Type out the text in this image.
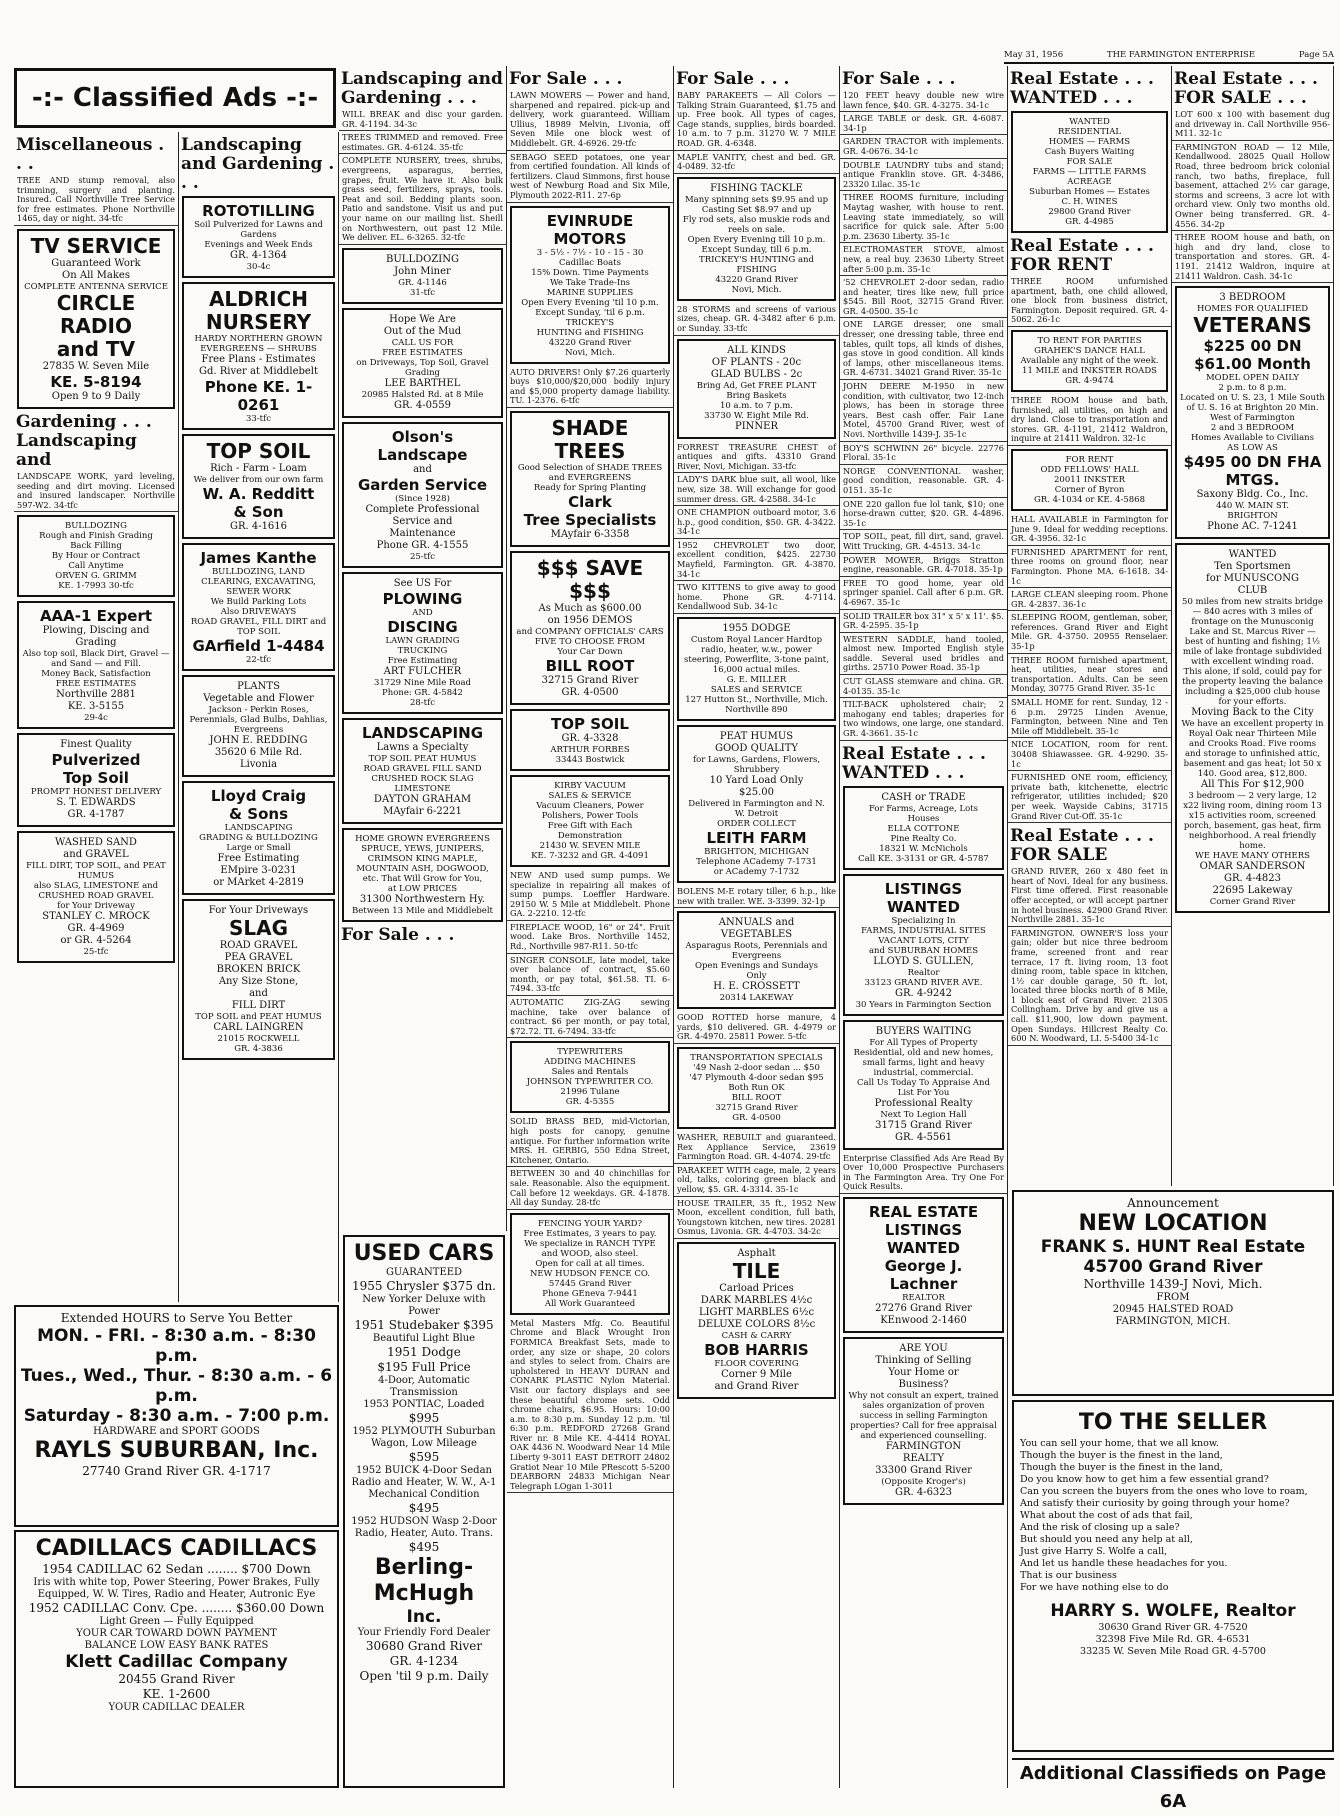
May 31, 1956	THE FARMINGTON ENTERPRISE	Page 5A
-:- Classified Ads -:-
Miscellaneous . . .
TREE AND stump removal, also trimming, surgery and planting. Insured. Call Northville Tree Service for free estimates. Phone Northville 1465, day or night. 34-tfc
TV SERVICE
Guaranteed Work
On All Makes
COMPLETE ANTENNA SERVICE
CIRCLE RADIO
and TV
27835 W. Seven Mile
KE. 5-8194
Open 9 to 9 Daily
Gardening . . . Landscaping and
LANDSCAPE WORK, yard leveling, seeding and dirt moving. Licensed and insured landscaper. Northville 597-W2. 34-tfc
BULLDOZING
Rough and Finish Grading
Back Filling
By Hour or Contract
Call Anytime
ORVEN G. GRIMM
KE. 1-7993 30-tfc
AAA-1 Expert
Plowing, Discing and
Grading
Also top soil, Black Dirt, Gravel — and Sand — and Fill.
Money Back, Satisfaction
FREE ESTIMATES
Northville 2881
KE. 3-5155
29-4c
Finest Quality
Pulverized
Top Soil
PROMPT HONEST DELIVERY
S. T. EDWARDS
GR. 4-1787
WASHED SAND
and GRAVEL
FILL DIRT, TOP SOIL, and PEAT HUMUS
also SLAG, LIMESTONE and CRUSHED ROAD GRAVEL
for Your Driveway
STANLEY C. MROCK
GR. 4-4969
or GR. 4-5264
25-tfc
Landscaping and Gardening . . .
ROTOTILLING
Soil Pulverized for Lawns and Gardens
Evenings and Week Ends
GR. 4-1364
30-4c
ALDRICH
NURSERY
HARDY NORTHERN GROWN
EVERGREENS — SHRUBS
Free Plans - Estimates
Gd. River at Middlebelt
Phone KE. 1-0261
33-tfc
TOP SOIL
Rich - Farm - Loam
We deliver from our own farm
W. A. Redditt
& Son
GR. 4-1616
James Kanthe
BULLDOZING, LAND CLEARING, EXCAVATING, SEWER WORK
We Build Parking Lots
Also DRIVEWAYS
ROAD GRAVEL, FILL DIRT and TOP SOIL
GArfield 1-4484
22-tfc
PLANTS
Vegetable and Flower
Jackson - Perkin Roses, Perennials, Glad Bulbs, Dahlias, Evergreens
JOHN E. REDDING
35620 6 Mile Rd.
Livonia
Lloyd Craig
& Sons
LANDSCAPING
GRADING & BULLDOZING
Large or Small
Free Estimating
EMpire 3-0231
or MArket 4-2819
For Your Driveways
SLAG
ROAD GRAVEL
PEA GRAVEL
BROKEN BRICK
Any Size Stone,
and
FILL DIRT
TOP SOIL and PEAT HUMUS
CARL LAINGREN
21015 ROCKWELL
GR. 4-3836
Landscaping and Gardening . . .
WILL BREAK and disc your garden. GR. 4-1194. 34-3c
TREES TRIMMED and removed. Free estimates. GR. 4-6124. 35-tfc
COMPLETE NURSERY, trees, shrubs, evergreens, asparagus, berries, grapes, fruit. We have it. Also bulk grass seed, fertilizers, sprays, tools. Peat and soil. Bedding plants soon. Patio and sandstone. Visit us and put your name on our mailing list. Sheill on Northwestern, out past 12 Mile. We deliver. EL. 6-3265. 32-tfc
BULLDOZING
John Miner
GR. 4-1146
31-tfc
Hope We Are
Out of the Mud
CALL US FOR
FREE ESTIMATES
on Driveways, Top Soil, Gravel Grading
LEE BARTHEL
20985 Halsted Rd. at 8 Mile
GR. 4-0559
Olson's
Landscape
and
Garden Service
(Since 1928)
Complete Professional
Service and
Maintenance
Phone GR. 4-1555
25-tfc
See US For
PLOWING
AND
DISCING
LAWN GRADING
TRUCKING
Free Estimating
ART FULCHER
31729 Nine Mile Road
Phone: GR. 4-5842
28-tfc
LANDSCAPING
Lawns a Specialty
TOP SOIL PEAT HUMUS
ROAD GRAVEL FILL SAND
CRUSHED ROCK SLAG
LIMESTONE
DAYTON GRAHAM
MAyfair 6-2221
HOME GROWN EVERGREENS
SPRUCE, YEWS, JUNIPERS,
CRIMSON KING MAPLE,
MOUNTAIN ASH, DOGWOOD,
etc. That Will Grow for You,
at LOW PRICES
31300 Northwestern Hy.
Between 13 Mile and Middlebelt
For Sale . . .
For Sale . . .
LAWN MOWERS — Power and hand, sharpened and repaired. pick-up and delivery, work guaranteed. William Ullius, 18989 Melvin, Livonia, off Seven Mile one block west of Middlebelt. GR. 4-6926. 29-tfc
SEBAGO SEED potatoes, one year from certified foundation. All kinds of fertilizers. Claud Simmons, first house west of Newburg Road and Six Mile, Plymouth 2022-R11. 27-6p
EVINRUDE MOTORS
3 - 5½ - 7½ - 10 - 15 - 30
Cadillac Boats
15% Down. Time Payments
We Take Trade-Ins
MARINE SUPPLIES
Open Every Evening 'til 10 p.m.
Except Sunday, 'til 6 p.m.
TRICKEY'S
HUNTING and FISHING
43220 Grand River
Novi, Mich.
AUTO DRIVERS! Only $7.26 quarterly buys $10,000/$20,000 bodily injury and $5,000 property damage liability. TU. 1-2376. 6-tfc
SHADE TREES
Good Selection of SHADE TREES and EVERGREENS
Ready for Spring Planting
Clark
Tree Specialists
MAyfair 6-3358
$$$ SAVE $$$
As Much as $600.00
on 1956 DEMOS
and COMPANY OFFICIALS' CARS
FIVE TO CHOOSE FROM
Your Car Down
BILL ROOT
32715 Grand River
GR. 4-0500
TOP SOIL
GR. 4-3328
ARTHUR FORBES
33443 Bostwick
KIRBY VACUUM
SALES & SERVICE
Vacuum Cleaners, Power Polishers, Power Tools
Free Gift with Each Demonstration
21430 W. SEVEN MILE
KE. 7-3232 and GR. 4-4091
NEW AND used sump pumps. We specialize in repairing all makes of sump pumps. Loeffler Hardware. 29150 W. 5 Mile at Middlebelt. Phone GA. 2-2210. 12-tfc
FIREPLACE WOOD, 16" or 24". Fruit wood. Lake Bros. Northville 1452, Rd., Northville 987-R11. 50-tfc
SINGER CONSOLE, late model, take over balance of contract, $5.60 month, or pay total, $61.58. TI. 6-7494. 33-tfc
AUTOMATIC ZIG-ZAG sewing machine, take over balance of contract. $6 per month, or pay total, $72.72. TI. 6-7494. 33-tfc
TYPEWRITERS
ADDING MACHINES
Sales and Rentals
JOHNSON TYPEWRITER CO.
21996 Tulane
GR. 4-5355
SOLID BRASS BED, mid-Victorian, high posts for canopy, genuine antique. For further information write MRS. H. GERBIG, 550 Edna Street, Kitchener, Ontario.
BETWEEN 30 and 40 chinchillas for sale. Reasonable. Also the equipment. Call before 12 weekdays. GR. 4-1878. All day Sunday. 28-tfc
FENCING YOUR YARD?
Free Estimates, 3 years to pay.
We specialize in RANCH TYPE and WOOD, also steel.
Open for call at all times.
NEW HUDSON FENCE CO.
57445 Grand River
Phone GEneva 7-9441
All Work Guaranteed
Metal Masters Mfg. Co. Beautiful Chrome and Black Wrought Iron FORMICA Breakfast Sets, made to order, any size or shape, 20 colors and styles to select from. Chairs are upholstered in HEAVY DURAN and CONARK PLASTIC Nylon Material. Visit our factory displays and see these beautiful chrome sets. Odd chrome chairs, $6.95. Hours: 10:00 a.m. to 8:30 p.m. Sunday 12 p.m. 'til 6:30 p.m. REDFORD 27268 Grand River nr. 8 Mile KE. 4-4414 ROYAL OAK 4436 N. Woodward Near 14 Mile Liberty 9-3011 EAST DETROIT 24802 Gratiot Near 10 Mile PRescott 5-5200 DEARBORN 24833 Michigan Near Telegraph LOgan 1-3011
For Sale . . .
BABY PARAKEETS — All Colors — Talking Strain Guaranteed, $1.75 and up. Free book. All types of cages, Cage stands, supplies, birds boarded. 10 a.m. to 7 p.m. 31270 W. 7 MILE ROAD. GR. 4-6348.
MAPLE VANITY, chest and bed. GR. 4-0489. 32-tfc
FISHING TACKLE
Many spinning sets $9.95 and up
Casting Set $8.97 and up
Fly rod sets, also muskie rods and reels on sale.
Open Every Evening till 10 p.m.
Except Sunday, till 6 p.m.
TRICKEY'S HUNTING and FISHING
43220 Grand River
Novi, Mich.
28 STORMS and screens of various sizes, cheap. GR. 4-3482 after 6 p.m. or Sunday. 33-tfc
ALL KINDS
OF PLANTS - 20c
GLAD BULBS - 2c
Bring Ad, Get FREE PLANT
Bring Baskets
10 a.m. to 7 p.m.
33730 W. Eight Mile Rd.
PINNER
FORREST TREASURE CHEST of antiques and gifts. 43310 Grand River, Novi, Michigan. 33-tfc
LADY'S DARK blue suit, all wool, like new, size 38. Will exchange for good summer dress. GR. 4-2588. 34-1c
ONE CHAMPION outboard motor, 3.6 h.p., good condition, $50. GR. 4-3422. 34-1c
1952 CHEVROLET two door, excellent condition, $425. 22730 Mayfield, Farmington. GR. 4-3870. 34-1c
TWO KITTENS to give away to good home. Phone GR. 4-7114. Kendallwood Sub. 34-1c
1955 DODGE
Custom Royal Lancer Hardtop radio, heater, w.w., power steering, Powerflite, 3-tone paint, 16,000 actual miles.
G. E. MILLER
SALES and SERVICE
127 Hutton St., Northville, Mich.
Northville 890
PEAT HUMUS
GOOD QUALITY
for Lawns, Gardens, Flowers, Shrubbery
10 Yard Load Only
$25.00
Delivered in Farmington and N. W. Detroit
ORDER COLLECT
LEITH FARM
BRIGHTON, MICHIGAN
Telephone ACademy 7-1731
or ACademy 7-1732
BOLENS M-E rotary tiller, 6 h.p., like new with trailer. WE. 3-3399. 32-1p
ANNUALS and
VEGETABLES
Asparagus Roots, Perennials and Evergreens
Open Evenings and Sundays
Only
H. E. CROSSETT
20314 LAKEWAY
GOOD ROTTED horse manure, 4 yards, $10 delivered. GR. 4-4979 or GR. 4-4970. 25811 Power. 5-tfc
TRANSPORTATION SPECIALS
'49 Nash 2-door sedan ... $50
'47 Plymouth 4-door sedan $95
Both Run OK
BILL ROOT
32715 Grand River
GR. 4-0500
WASHER, REBUILT and guaranteed. Rex Appliance Service, 23619 Farmington Road. GR. 4-4074. 29-tfc
PARAKEET WITH cage, male, 2 years old, talks, coloring green black and yellow, $5. GR. 4-3314. 35-1c
HOUSE TRAILER, 35 ft., 1952 New Moon, excellent condition, full bath, Youngstown kitchen, new tires. 20281 Osmus, Livonia. GR. 4-4703. 34-2c
Asphalt
TILE
Carload Prices
DARK MARBLES 4½c
LIGHT MARBLES 6½c
DELUXE COLORS 8½c
CASH & CARRY
BOB HARRIS
FLOOR COVERING
Corner 9 Mile
and Grand River
For Sale . . .
120 FEET heavy double new wire lawn fence, $40. GR. 4-3275. 34-1c
LARGE TABLE or desk. GR. 4-6087. 34-1p
GARDEN TRACTOR with implements. GR. 4-0676. 34-1c
DOUBLE LAUNDRY tubs and stand; antique Franklin stove. GR. 4-3486, 23320 Lilac. 35-1c
THREE ROOMS furniture, including Maytag washer, with house to rent. Leaving state immediately, so will sacrifice for quick sale. After 5:00 p.m. 23630 Liberty. 35-1c
ELECTROMASTER STOVE, almost new, a real buy. 23630 Liberty Street after 5:00 p.m. 35-1c
'52 CHEVROLET 2-door sedan, radio and heater, tires like new, full price $545. Bill Root, 32715 Grand River. GR. 4-0500. 35-1c
ONE LARGE dresser, one small dresser, one dressing table, three end tables, quilt tops, all kinds of dishes, gas stove in good condition. All kinds of lamps, other miscellaneous items. GR. 4-6731. 34021 Grand River. 35-1c
JOHN DEERE M-1950 in new condition, with cultivator, two 12-inch plows, has been in storage three years. Best cash offer. Fair Lane Motel, 45700 Grand River, west of Novi. Northville 1439-J. 35-1c
BOY'S SCHWINN 26" bicycle. 22776 Floral. 35-1c
NORGE CONVENTIONAL washer, good condition, reasonable. GR. 4-0151. 35-1c
ONE 220 gallon fue lol tank, $10; one horse-drawn cutter, $20. GR. 4-4896. 35-1c
TOP SOIL, peat, fill dirt, sand, gravel. Witt Trucking, GR. 4-4513. 34-1c
POWER MOWER, Briggs Stratton engine, reasonable. GR. 4-7018. 35-1p
FREE TO good home, year old springer spaniel. Call after 6 p.m. GR. 4-6967. 35-1c
SOLID TRAILER box 31" x 5' x 11'. $5. GR. 4-2595. 35-1p
WESTERN SADDLE, hand tooled, almost new. Imported English style saddle. Several used bridles and girths. 25710 Power Road. 35-1p
CUT GLASS stemware and china. GR. 4-0135. 35-1c
TILT-BACK upholstered chair; 2 mahogany end tables; draperies for two windows, one large, one standard. GR. 4-3661. 35-1c
Real Estate . . . WANTED . . .
CASH or TRADE
For Farms, Acreage, Lots
Houses
ELLA COTTONE
Pine Realty Co.
18321 W. McNichols
Call KE. 3-3131 or GR. 4-5787
LISTINGS
WANTED
Specializing In
FARMS, INDUSTRIAL SITES
VACANT LOTS, CITY
and SUBURBAN HOMES
LLOYD S. GULLEN,
Realtor
33123 GRAND RIVER AVE.
GR. 4-9242
30 Years in Farmington Section
BUYERS WAITING
For All Types of Property
Residential, old and new homes, small farms, light and heavy industrial, commercial.
Call Us Today To Appraise And List For You
Professional Realty
Next To Legion Hall
31715 Grand River
GR. 4-5561
Enterprise Classified Ads Are Read By Over 10,000 Prospective Purchasers in The Farmington Area. Try One For Quick Results.
REAL ESTATE
LISTINGS
WANTED
George J.
Lachner
REALTOR
27276 Grand River
KEnwood 2-1460
ARE YOU
Thinking of Selling
Your Home or
Business?
Why not consult an expert, trained sales organization of proven success in selling Farmington properties? Call for free appraisal and experienced counselling.
FARMINGTON
REALTY
33300 Grand River
(Opposite Kroger's)
GR. 4-6323
Real Estate . . . WANTED . . .
WANTED
RESIDENTIAL
HOMES — FARMS
Cash Buyers Waiting
FOR SALE
FARMS — LITTLE FARMS
ACREAGE
Suburban Homes — Estates
C. H. WINES
29800 Grand River
GR. 4-4985
Real Estate . . . FOR RENT
THREE ROOM unfurnished apartment, bath, one child allowed, one block from business district, Farmington. Deposit required. GR. 4-5062. 26-1c
TO RENT FOR PARTIES
GRAHEK'S DANCE HALL
Available any night of the week.
11 MILE and INKSTER ROADS
GR. 4-9474
THREE ROOM house and bath, furnished, all utilities, on high and dry land. Close to transportation and stores. GR. 4-1191, 21412 Waldron, inquire at 21411 Waldron. 32-1c
FOR RENT
ODD FELLOWS' HALL
20011 INKSTER
Corner of Byron
GR. 4-1034 or KE. 4-5868
HALL AVAILABLE in Farmington for June 9. Ideal for wedding receptions. GR. 4-3956. 32-1c
FURNISHED APARTMENT for rent, three rooms on ground floor, near Farmington. Phone MA. 6-1618. 34-1c
LARGE CLEAN sleeping room. Phone GR. 4-2837. 36-1c
SLEEPING ROOM, gentleman, sober, references. Grand River and Eight Mile. GR. 4-3750. 20955 Renselaer. 35-1p
THREE ROOM furnished apartment, heat, utilities, near stores and transportation. Adults. Can be seen Monday, 30775 Grand River. 35-1c
SMALL HOME for rent. Sunday, 12 - 6 p.m. 29725 Linden Avenue, Farmington, between Nine and Ten Mile off Middlebelt. 35-1c
NICE LOCATION, room for rent. 30408 Shiawassee. GR. 4-9290. 35-1c
FURNISHED ONE room, efficiency, private bath, kitchenette, electric refrigerator, utilities included; $20 per week. Wayside Cabins, 31715 Grand River Cut-Off. 35-1c
Real Estate . . . FOR SALE
GRAND RIVER, 260 x 480 feet in heart of Novi. Ideal for any business. First time offered. First reasonable offer accepted, or will accept partner in hotel business. 42900 Grand River. Northville 2881. 35-1c
FARMINGTON. OWNER'S loss your gain; older but nice three bedroom frame, screened front and rear terrace, 17 ft. living room, 13 foot dining room, table space in kitchen, 1½ car double garage, 50 ft. lot, located three blocks north of 8 Mile, 1 block east of Grand River. 21305 Collingham. Drive by and give us a call. $11,900, low down payment. Open Sundays. Hillcrest Realty Co. 600 N. Woodward, LI. 5-5400 34-1c
Real Estate . . . FOR SALE . . .
LOT 600 x 100 with basement dug and driveway in. Call Northville 956-M11. 32-1c
FARMINGTON ROAD — 12 Mile, Kendallwood. 28025 Quail Hollow Road, three bedroom brick colonial ranch, two baths, fireplace, full basement, attached 2½ car garage, storms and screens, 3 acre lot with orchard view. Only two months old. Owner being transferred. GR. 4-4556. 34-2p
THREE ROOM house and bath, on high and dry land, close to transportation and stores. GR. 4-1191. 21412 Waldron, inquire at 21411 Waldron. Cash. 34-1c
3 BEDROOM
HOMES FOR QUALIFIED
VETERANS
$225 00 DN $61.00 Month
MODEL OPEN DAILY
2 p.m. to 8 p.m.
Located on U. S. 23, 1 Mile South of U. S. 16 at Brighton 20 Min. West of Farmington
2 and 3 BEDROOM
Homes Available to Civilians
AS LOW AS
$495 00 DN FHA MTGS.
Saxony Bldg. Co., Inc.
440 W. MAIN ST.
BRIGHTON
Phone AC. 7-1241
WANTED
Ten Sportsmen
for MUNUSCONG
CLUB
50 miles from new straits bridge — 840 acres with 3 miles of frontage on the Munusconig Lake and St. Marcus River — best of hunting and fishing; 1½ mile of lake frontage subdivided with excellent winding road.
This alone, if sold, could pay for the property leaving the balance including a $25,000 club house for your efforts.
Moving Back to the City
We have an excellent property in Royal Oak near Thirteen Mile and Crooks Road. Five rooms and storage to unfinished attic, basement and gas heat; lot 50 x 140. Good area, $12,800.
All This For $12,900
3 bedroom — 2 very large, 12 x22 living room, dining room 13 x15 activities room, screened porch, basement, gas heat, firm neighborhood. A real friendly home.
WE HAVE MANY OTHERS
OMAR SANDERSON
GR. 4-4823
22695 Lakeway
Corner Grand River
Extended HOURS to Serve You Better
MON. - FRI. - 8:30 a.m. - 8:30 p.m.
Tues., Wed., Thur. - 8:30 a.m. - 6 p.m.
Saturday - 8:30 a.m. - 7:00 p.m.
HARDWARE and SPORT GOODS
RAYLS SUBURBAN, Inc.
27740 Grand River GR. 4-1717
CADILLACS CADILLACS
1954 CADILLAC 62 Sedan ........ $700 Down
Iris with white top, Power Steering, Power Brakes, Fully Equipped, W. W. Tires, Radio and Heater, Autronic Eye
1952 CADILLAC Conv. Cpe. ........ $360.00 Down
Light Green — Fully Equipped
YOUR CAR TOWARD DOWN PAYMENT
BALANCE LOW EASY BANK RATES
Klett Cadillac Company
20455 Grand River
KE. 1-2600
YOUR CADILLAC DEALER
USED CARS
GUARANTEED
1955 Chrysler $375 dn.
New Yorker Deluxe with Power
1951 Studebaker $395
Beautiful Light Blue
1951 Dodge
$195 Full Price
4-Door, Automatic Transmission
1953 PONTIAC, Loaded
$995
1952 PLYMOUTH Suburban Wagon, Low Mileage
$595
1952 BUICK 4-Door Sedan Radio and Heater, W. W., A-1 Mechanical Condition
$495
1952 HUDSON Wasp 2-Door Radio, Heater, Auto. Trans.
$495
Berling-McHugh
Inc.
Your Friendly Ford Dealer
30680 Grand River
GR. 4-1234
Open 'til 9 p.m. Daily
Announcement
NEW LOCATION
FRANK S. HUNT Real Estate
45700 Grand River
Northville 1439-J Novi, Mich.
FROM
20945 HALSTED ROAD
FARMINGTON, MICH.
TO THE SELLER
You can sell your home, that we all know.
Though the buyer is the finest in the land,
Though the buyer is the finest in the land,
Do you know how to get him a few essential grand?
Can you screen the buyers from the ones who love to roam,
And satisfy their curiosity by going through your home?
What about the cost of ads that fail,
And the risk of closing up a sale?
But should you need any help at all,
Just give Harry S. Wolfe a call,
And let us handle these headaches for you.
That is our business
For we have nothing else to do
HARRY S. WOLFE, Realtor
30630 Grand River GR. 4-7520
32398 Five Mile Rd. GR. 4-6531
33235 W. Seven Mile Road GR. 4-5700
Additional Classifieds on Page 6A
